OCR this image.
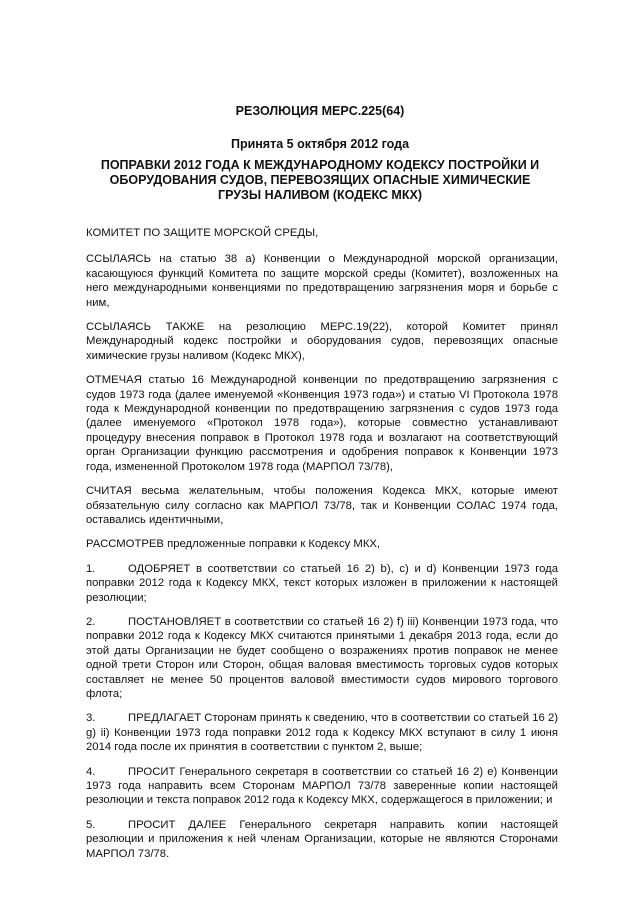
РЕЗОЛЮЦИЯ MEPC.225(64)
Принята 5 октября 2012 года
ПОПРАВКИ 2012 ГОДА К МЕЖДУНАРОДНОМУ КОДЕКСУ ПОСТРОЙКИ И ОБОРУДОВАНИЯ СУДОВ, ПЕРЕВОЗЯЩИХ ОПАСНЫЕ ХИМИЧЕСКИЕ ГРУЗЫ НАЛИВОМ (КОДЕКС МКХ)

КОМИТЕТ ПО ЗАЩИТЕ МОРСКОЙ СРЕДЫ,

ССЫЛАЯСЬ на статью 38 а) Конвенции о Международной морской организации, касающуюся функций Комитета по защите морской среды (Комитет), возложенных на него международными конвенциями по предотвращению загрязнения моря и борьбе с ним,

ССЫЛАЯСЬ ТАКЖЕ на резолюцию MEPC.19(22), которой Комитет принял Международный кодекс постройки и оборудования судов, перевозящих опасные химические грузы наливом (Кодекс МКХ),

ОТМЕЧАЯ статью 16 Международной конвенции по предотвращению загрязнения с судов 1973 года (далее именуемой «Конвенция 1973 года») и статью VI Протокола 1978 года к Международной конвенции по предотвращению загрязнения с судов 1973 года (далее именуемого «Протокол 1978 года»), которые совместно устанавливают процедуру внесения поправок в Протокол 1978 года и возлагают на соответствующий орган Организации функцию рассмотрения и одобрения поправок к Конвенции 1973 года, измененной Протоколом 1978 года (МАРПОЛ 73/78),

СЧИТАЯ весьма желательным, чтобы положения Кодекса МКХ, которые имеют обязательную силу согласно как МАРПОЛ 73/78, так и Конвенции СОЛАС 1974 года, оставались идентичными,

РАССМОТРЕВ предложенные поправки к Кодексу МКХ,

1.	ОДОБРЯЕТ в соответствии со статьей 16 2) b), c) и d) Конвенции 1973 года поправки 2012 года к Кодексу МКХ, текст которых изложен в приложении к настоящей резолюции;

2.	ПОСТАНОВЛЯЕТ в соответствии со статьей 16 2) f) iii) Конвенции 1973 года, что поправки 2012 года к Кодексу МКХ считаются принятыми 1 декабря 2013 года, если до этой даты Организации не будет сообщено о возражениях против поправок не менее одной трети Сторон или Сторон, общая валовая вместимость торговых судов которых составляет не менее 50 процентов валовой вместимости судов мирового торгового флота;

3.	ПРЕДЛАГАЕТ Сторонам принять к сведению, что в соответствии со статьей 16 2) g) ii) Конвенции 1973 года поправки 2012 года к Кодексу МКХ вступают в силу 1 июня 2014 года после их принятия в соответствии с пунктом 2, выше;

4.	ПРОСИТ Генерального секретаря в соответствии со статьей 16 2) e) Конвенции 1973 года направить всем Сторонам МАРПОЛ 73/78 заверенные копии настоящей резолюции и текста поправок 2012 года к Кодексу МКХ, содержащегося в приложении; и

5.	ПРОСИТ ДАЛЕЕ Генерального секретаря направить копии настоящей резолюции и приложения к ней членам Организации, которые не являются Сторонами МАРПОЛ 73/78.
